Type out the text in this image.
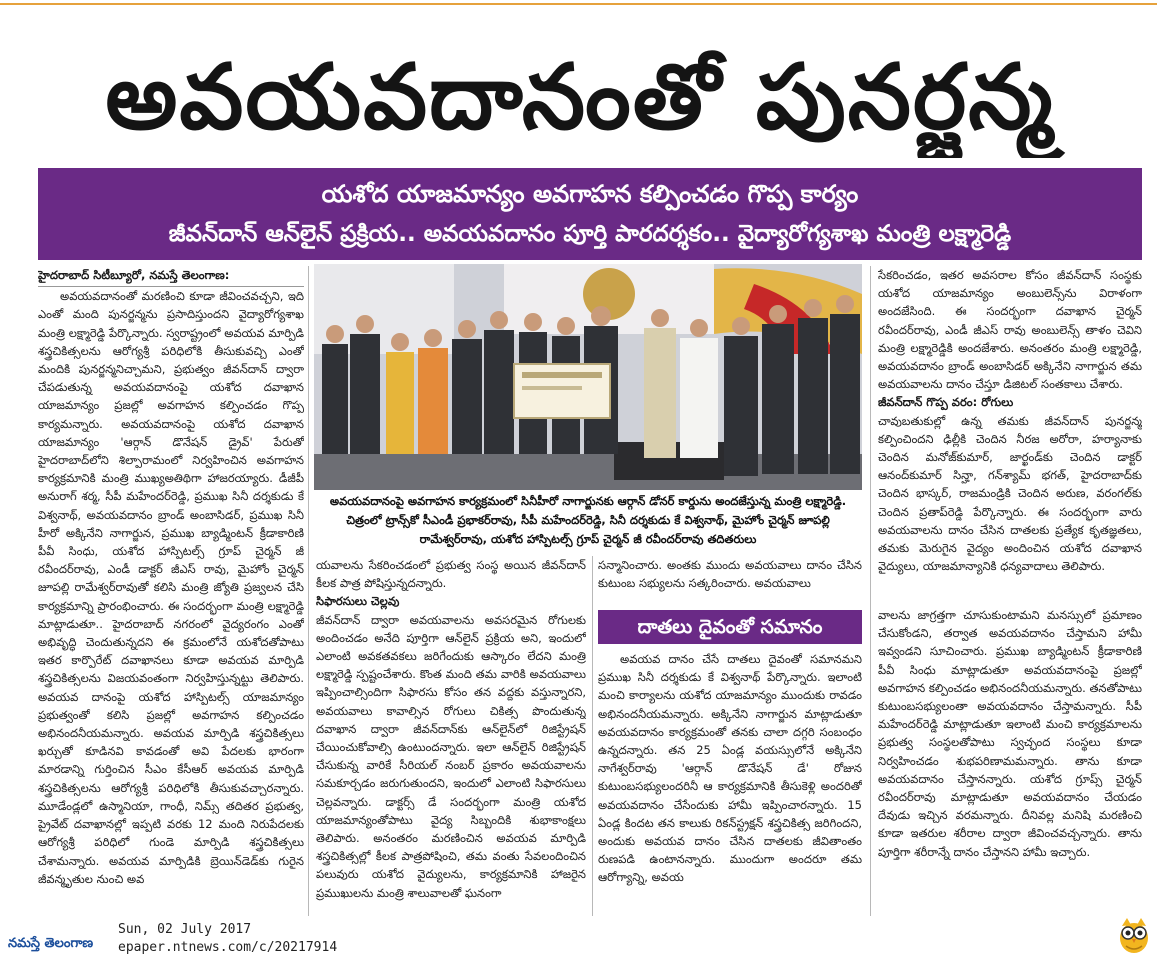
అవయవదానంతో పునర్జన్మ
యశోద యాజమాన్యం అవగాహన కల్పించడం గొప్ప కార్యం
జీవన్‌దాన్ ఆన్‌లైన్ ప్రక్రియ.. అవయవదానం పూర్తి పారదర్శకం.. వైద్యారోగ్యశాఖ మంత్రి లక్ష్మారెడ్డి

హైదరాబాద్ సిటీబ్యూరో, నమస్తే తెలంగాణ:

అవయవదానంతో మరణించి కూడా జీవించవచ్చని, ఇది ఎంతో మంది పునర్జన్మను ప్రసాదిస్తుందని వైద్యారోగ్యశాఖ మంత్రి లక్ష్మారెడ్డి పేర్కొన్నారు. స్వరాష్ట్రంలో అవయవ మార్పిడి శస్త్రచికిత్సలను ఆరోగ్యశ్రీ పరిధిలోకి తీసుకువచ్చి ఎంతో మందికి పునర్జన్మనిచ్చామని, ప్రభుత్వం జీవన్‌దాన్ ద్వారా చేపడుతున్న అవయవదానంపై యశోద దవాఖాన యాజమాన్యం ప్రజల్లో అవగాహన కల్పించడం గొప్ప కార్యమన్నారు. అవయవదానంపై యశోద దవాఖాన యాజమాన్యం 'ఆర్గాన్ డొనేషన్ డ్రైవ్' పేరుతో హైదరాబాద్‌లోని శిల్పారామంలో నిర్వహించిన అవగాహన కార్యక్రమానికి మంత్రి ముఖ్యఅతిథిగా హాజరయ్యారు. డీజీపీ అనురాగ్ శర్మ, సీపీ మహేందర్‌రెడ్డి, ప్రముఖ సినీ దర్శకుడు కే విశ్వనాథ్, అవయవదానం బ్రాండ్ అంబాసిడర్, ప్రముఖ సినీ హీరో అక్కినేని నాగార్జున, ప్రముఖ బ్యాడ్మింటన్ క్రీడాకారిణి పీవీ సింధు, యశోద హాస్పిటల్స్ గ్రూప్ చైర్మన్ జీ రవీందర్‌రావు, ఎండీ డాక్టర్ జీఎస్ రావు, మైహోం చైర్మన్ జూపల్లి రామేశ్వర్‌రావుతో కలిసి మంత్రి జ్యోతి ప్రజ్వలన చేసి కార్యక్రమాన్ని ప్రారంభించారు. ఈ సందర్భంగా మంత్రి లక్ష్మారెడ్డి మాట్లాడుతూ.. హైదరాబాద్ నగరంలో వైద్యరంగం ఎంతో అభివృద్ధి చెందుతున్నదని ఈ క్రమంలోనే యశోదతోపాటు ఇతర కార్పొరేట్ దవాఖానలు కూడా అవయవ మార్పిడి శస్త్రచికిత్సలను విజయవంతంగా నిర్వహిస్తున్నట్టు తెలిపారు. అవయవ దానంపై యశోద హాస్పిటల్స్ యాజమాన్యం ప్రభుత్వంతో కలిసి ప్రజల్లో అవగాహన కల్పించడం అభినందనీయమన్నారు. అవయవ మార్పిడి శస్త్రచికిత్సలు ఖర్చుతో కూడినవి కావడంతో అవి పేదలకు భారంగా మారడాన్ని గుర్తించిన సీఎం కేసీఆర్ అవయవ మార్పిడి శస్త్రచికిత్సలను ఆరోగ్యశ్రీ పరిధిలోకి తీసుకువచ్చారన్నారు. మూడేండ్లలో ఉస్మానియా, గాంధీ, నిమ్స్ తదితర ప్రభుత్వ, ప్రైవేట్ దవాఖానల్లో ఇప్పటి వరకు 12 మంది నిరుపేదలకు ఆరోగ్యశ్రీ పరిధిలో గుండె మార్పిడి శస్త్రచికిత్సలు చేశామన్నారు. అవయవ మార్పిడికి బ్రెయిన్‌డెడ్‌కు గురైన జీవన్మృతుల నుంచి అవ

అవయవదానంపై అవగాహన కార్యక్రమంలో సినీహీరో నాగార్జునకు ఆర్గాన్ డోనర్ కార్డును అందజేస్తున్న మంత్రి లక్ష్మారెడ్డి. చిత్రంలో ట్రాన్స్‌కో సీఎండీ ప్రభాకర్‌రావు, సీపీ మహేందర్‌రెడ్డి, సినీ దర్శకుడు కే విశ్వనాథ్, మైహోం చైర్మన్ జూపల్లి రామేశ్వర్‌రావు, యశోద హాస్పిటల్స్ గ్రూప్ చైర్మన్ జీ రవీందర్‌రావు తదితరులు

యవాలను సేకరించడంలో ప్రభుత్వ సంస్థ అయిన జీవన్‌దాన్ కీలక పాత్ర పోషిస్తున్నదన్నారు.

సిఫారసులు చెల్లవు

జీవన్‌దాన్ ద్వారా అవయవాలను అవసరమైన రోగులకు అందించడం అనేది పూర్తిగా ఆన్‌లైన్ ప్రక్రియ అని, ఇందులో ఎలాంటి అవకతవకలు జరిగేందుకు ఆస్కారం లేదని మంత్రి లక్ష్మారెడ్డి స్పష్టంచేశారు. కొంత మంది తమ వారికి అవయవాలు ఇప్పించాల్సిందిగా సిఫారసు కోసం తన వద్దకు వస్తున్నారని, అవయవాలు కావాల్సిన రోగులు చికిత్స పొందుతున్న దవాఖాన ద్వారా జీవన్‌దాన్‌కు ఆన్‌లైన్‌లో రిజిస్ట్రేషన్ చేయించుకోవాల్సి ఉంటుందన్నారు. ఇలా ఆన్‌లైన్ రిజిస్ట్రేషన్ చేసుకున్న వారికే సీరియల్ నంబర్ ప్రకారం అవయవాలను సమకూర్చడం జరుగుతుందని, ఇందులో ఎలాంటి సిఫారసులు చెల్లవన్నారు. డాక్టర్స్ డే సందర్భంగా మంత్రి యశోద యాజమాన్యంతోపాటు వైద్య సిబ్బందికి శుభాకాంక్షలు తెలిపారు. అనంతరం మరణించిన అవయవ మార్పిడి శస్త్రచికిత్సల్లో కీలక పాత్రపోషించి, తమ వంతు సేవలందించిన పలువురు యశోద వైద్యులను, కార్యక్రమానికి హాజరైన ప్రముఖులను మంత్రి శాలువాలతో ఘనంగా

సన్మానించారు. అంతకు ముందు అవయవాలు దానం చేసిన కుటుంబ సభ్యులను సత్కరించారు. అవయవాలు

దాతలు దైవంతో సమానం

అవయవ దానం చేసే దాతలు దైవంతో సమానమని ప్రముఖ సినీ దర్శకుడు కే విశ్వనాథ్ పేర్కొన్నారు. ఇలాంటి మంచి కార్యాలను యశోద యాజమాన్యం ముందుకు రావడం అభినందనీయమన్నారు. అక్కినేని నాగార్జున మాట్లాడుతూ అవయవదానం కార్యక్రమంతో తనకు చాలా దగ్గరి సంబంధం ఉన్నదన్నారు. తన 25 ఏండ్ల వయస్సులోనే అక్కినేని నాగేశ్వర్‌రావు 'ఆర్గాన్ డొనేషన్ డే' రోజున కుటుంబసభ్యులందరినీ ఆ కార్యక్రమానికి తీసుకెళ్లి అందరితో అవయవదానం చేసేందుకు హామీ ఇప్పించారన్నారు. 15 ఏండ్ల కిందట తన కాలుకు రికన్‌స్ట్రక్షన్ శస్త్రచికిత్స జరిగిందని, అందుకు అవయవ దానం చేసిన దాతలకు జీవితాంతం రుణపడి ఉంటానన్నారు. ముందుగా అందరూ తమ ఆరోగ్యాన్ని, అవయ

సేకరించడం, ఇతర అవసరాల కోసం జీవన్‌దాన్ సంస్థకు యశోద యాజమాన్యం అంబులెన్స్‌ను విరాళంగా అందజేసింది. ఈ సందర్భంగా దవాఖాన చైర్మన్ రవీందర్‌రావు, ఎండీ జీఎస్ రావు అంబులెన్స్ తాళం చెవిని మంత్రి లక్ష్మారెడ్డికి అందజేశారు. అనంతరం మంత్రి లక్ష్మారెడ్డి, అవయవదానం బ్రాండ్ అంబాసిడర్ అక్కినేని నాగార్జున తమ అవయవాలను దానం చేస్తూ డిజిటల్ సంతకాలు చేశారు.

జీవన్‌దాన్ గొప్ప వరం: రోగులు

చావుబతుకుల్లో ఉన్న తమకు జీవన్‌దాన్ పునర్జన్మ కల్పించిందని ఢిల్లీకి చెందిన నీరజ అరోరా, హర్యానాకు చెందిన మనోజ్‌కుమార్, జార్ఖండ్‌కు చెందిన డాక్టర్ ఆనంద్‌కుమార్ సిన్హా, గన్‌శ్యామ్ భగత్, హైదరాబాద్‌కు చెందిన భాస్కర్, రాజమండ్రికి చెందిన అరుణ, వరంగల్‌కు చెందిన ప్రతాప్‌రెడ్డి పేర్కొన్నారు. ఈ సందర్భంగా వారు అవయవాలను దానం చేసిన దాతలకు ప్రత్యేక కృతజ్ఞతలు, తమకు మెరుగైన వైద్యం అందించిన యశోద దవాఖాన వైద్యులు, యాజమాన్యానికి ధన్యవాదాలు తెలిపారు.

వాలను జాగ్రత్తగా చూసుకుంటామని మనస్సులో ప్రమాణం చేసుకోండని, తర్వాత అవయవదానం చేస్తామని హామీ ఇవ్వండని సూచించారు. ప్రముఖ బ్యాడ్మింటన్ క్రీడాకారిణి పీవీ సింధు మాట్లాడుతూ అవయవదానంపై ప్రజల్లో అవగాహన కల్పించడం అభినందనీయమన్నారు. తనతోపాటు కుటుంబసభ్యులంతా అవయవదానం చేస్తామన్నారు. సీపీ మహేందర్‌రెడ్డి మాట్లాడుతూ ఇలాంటి మంచి కార్యక్రమాలను ప్రభుత్వ సంస్థలతోపాటు స్వచ్ఛంద సంస్థలు కూడా నిర్వహించడం శుభపరిణామమన్నారు. తాను కూడా అవయవదానం చేస్తానన్నారు. యశోద గ్రూప్స్ చైర్మన్ రవీందర్‌రావు మాట్లాడుతూ అవయవదానం చేయడం దేవుడు ఇచ్చిన వరమన్నారు. దీనివల్ల మనిషి మరణించి కూడా ఇతరుల శరీరాల ద్వారా జీవించవచ్చన్నారు. తాను పూర్తిగా శరీరాన్నే దానం చేస్తానని హామీ ఇచ్చారు.

నమస్తే తెలంగాణ
Sun, 02 July 2017
epaper.ntnews.com/c/20217914
